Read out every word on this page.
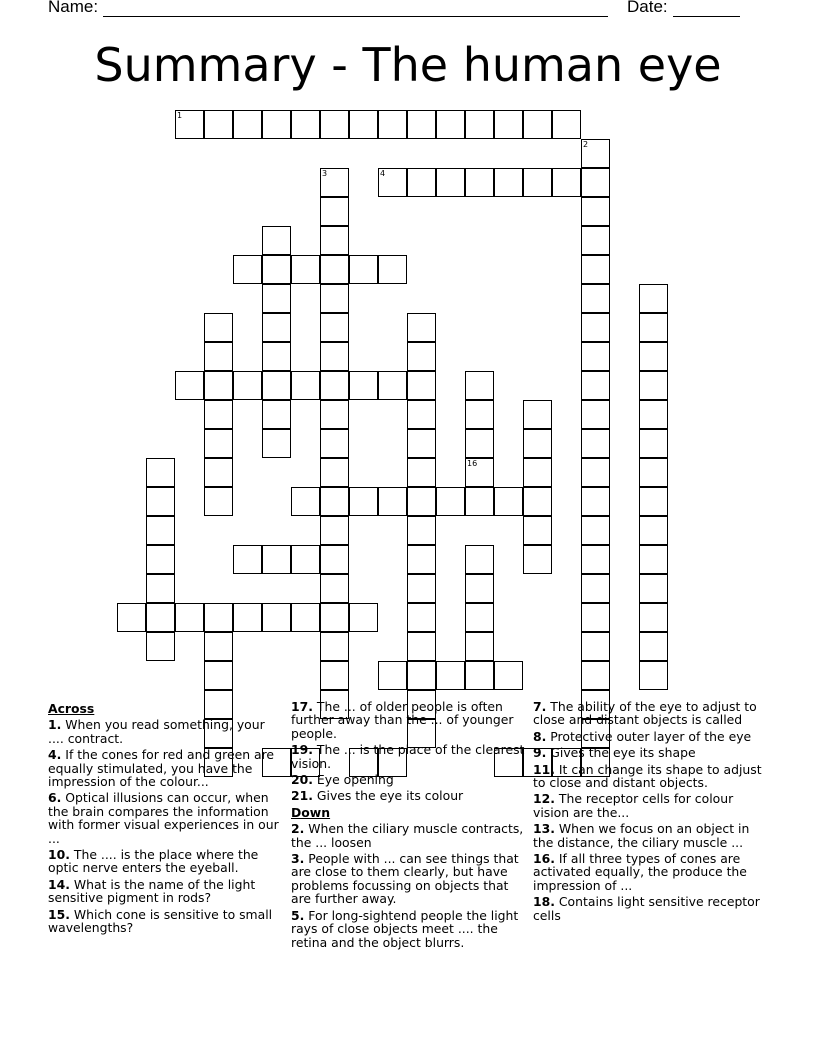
Name:	Date:
Summary - The human eye
1
2
3	4
16
Across
1. When you read something, your .... contract.
4. If the cones for red and green are equally stimulated, you have the impression of the colour...
6. Optical illusions can occur, when the brain compares the information with former visual experiences in our ...
10. The .... is the place where the optic nerve enters the eyeball.
14. What is the name of the light sensitive pigment in rods?
15. Which cone is sensitive to small wavelengths?
17. The ... of older people is often further away than the ... of younger people.
19. The ... is the place of the clearest vision.
20. Eye opening
21. Gives the eye its colour
Down
2. When the ciliary muscle contracts, the ... loosen
3. People with ... can see things that are close to them clearly, but have problems focussing on objects that are further away.
5. For long-sightend people the light rays of close objects meet .... the retina and the object blurrs.
7. The ability of the eye to adjust to close and distant objects is called
8. Protective outer layer of the eye
9. Gives the eye its shape
11. It can change its shape to adjust to close and distant objects.
12. The receptor cells for colour vision are the...
13. When we focus on an object in the distance, the ciliary muscle ...
16. If all three types of cones are activated equally, the produce the impression of ...
18. Contains light sensitive receptor cells
